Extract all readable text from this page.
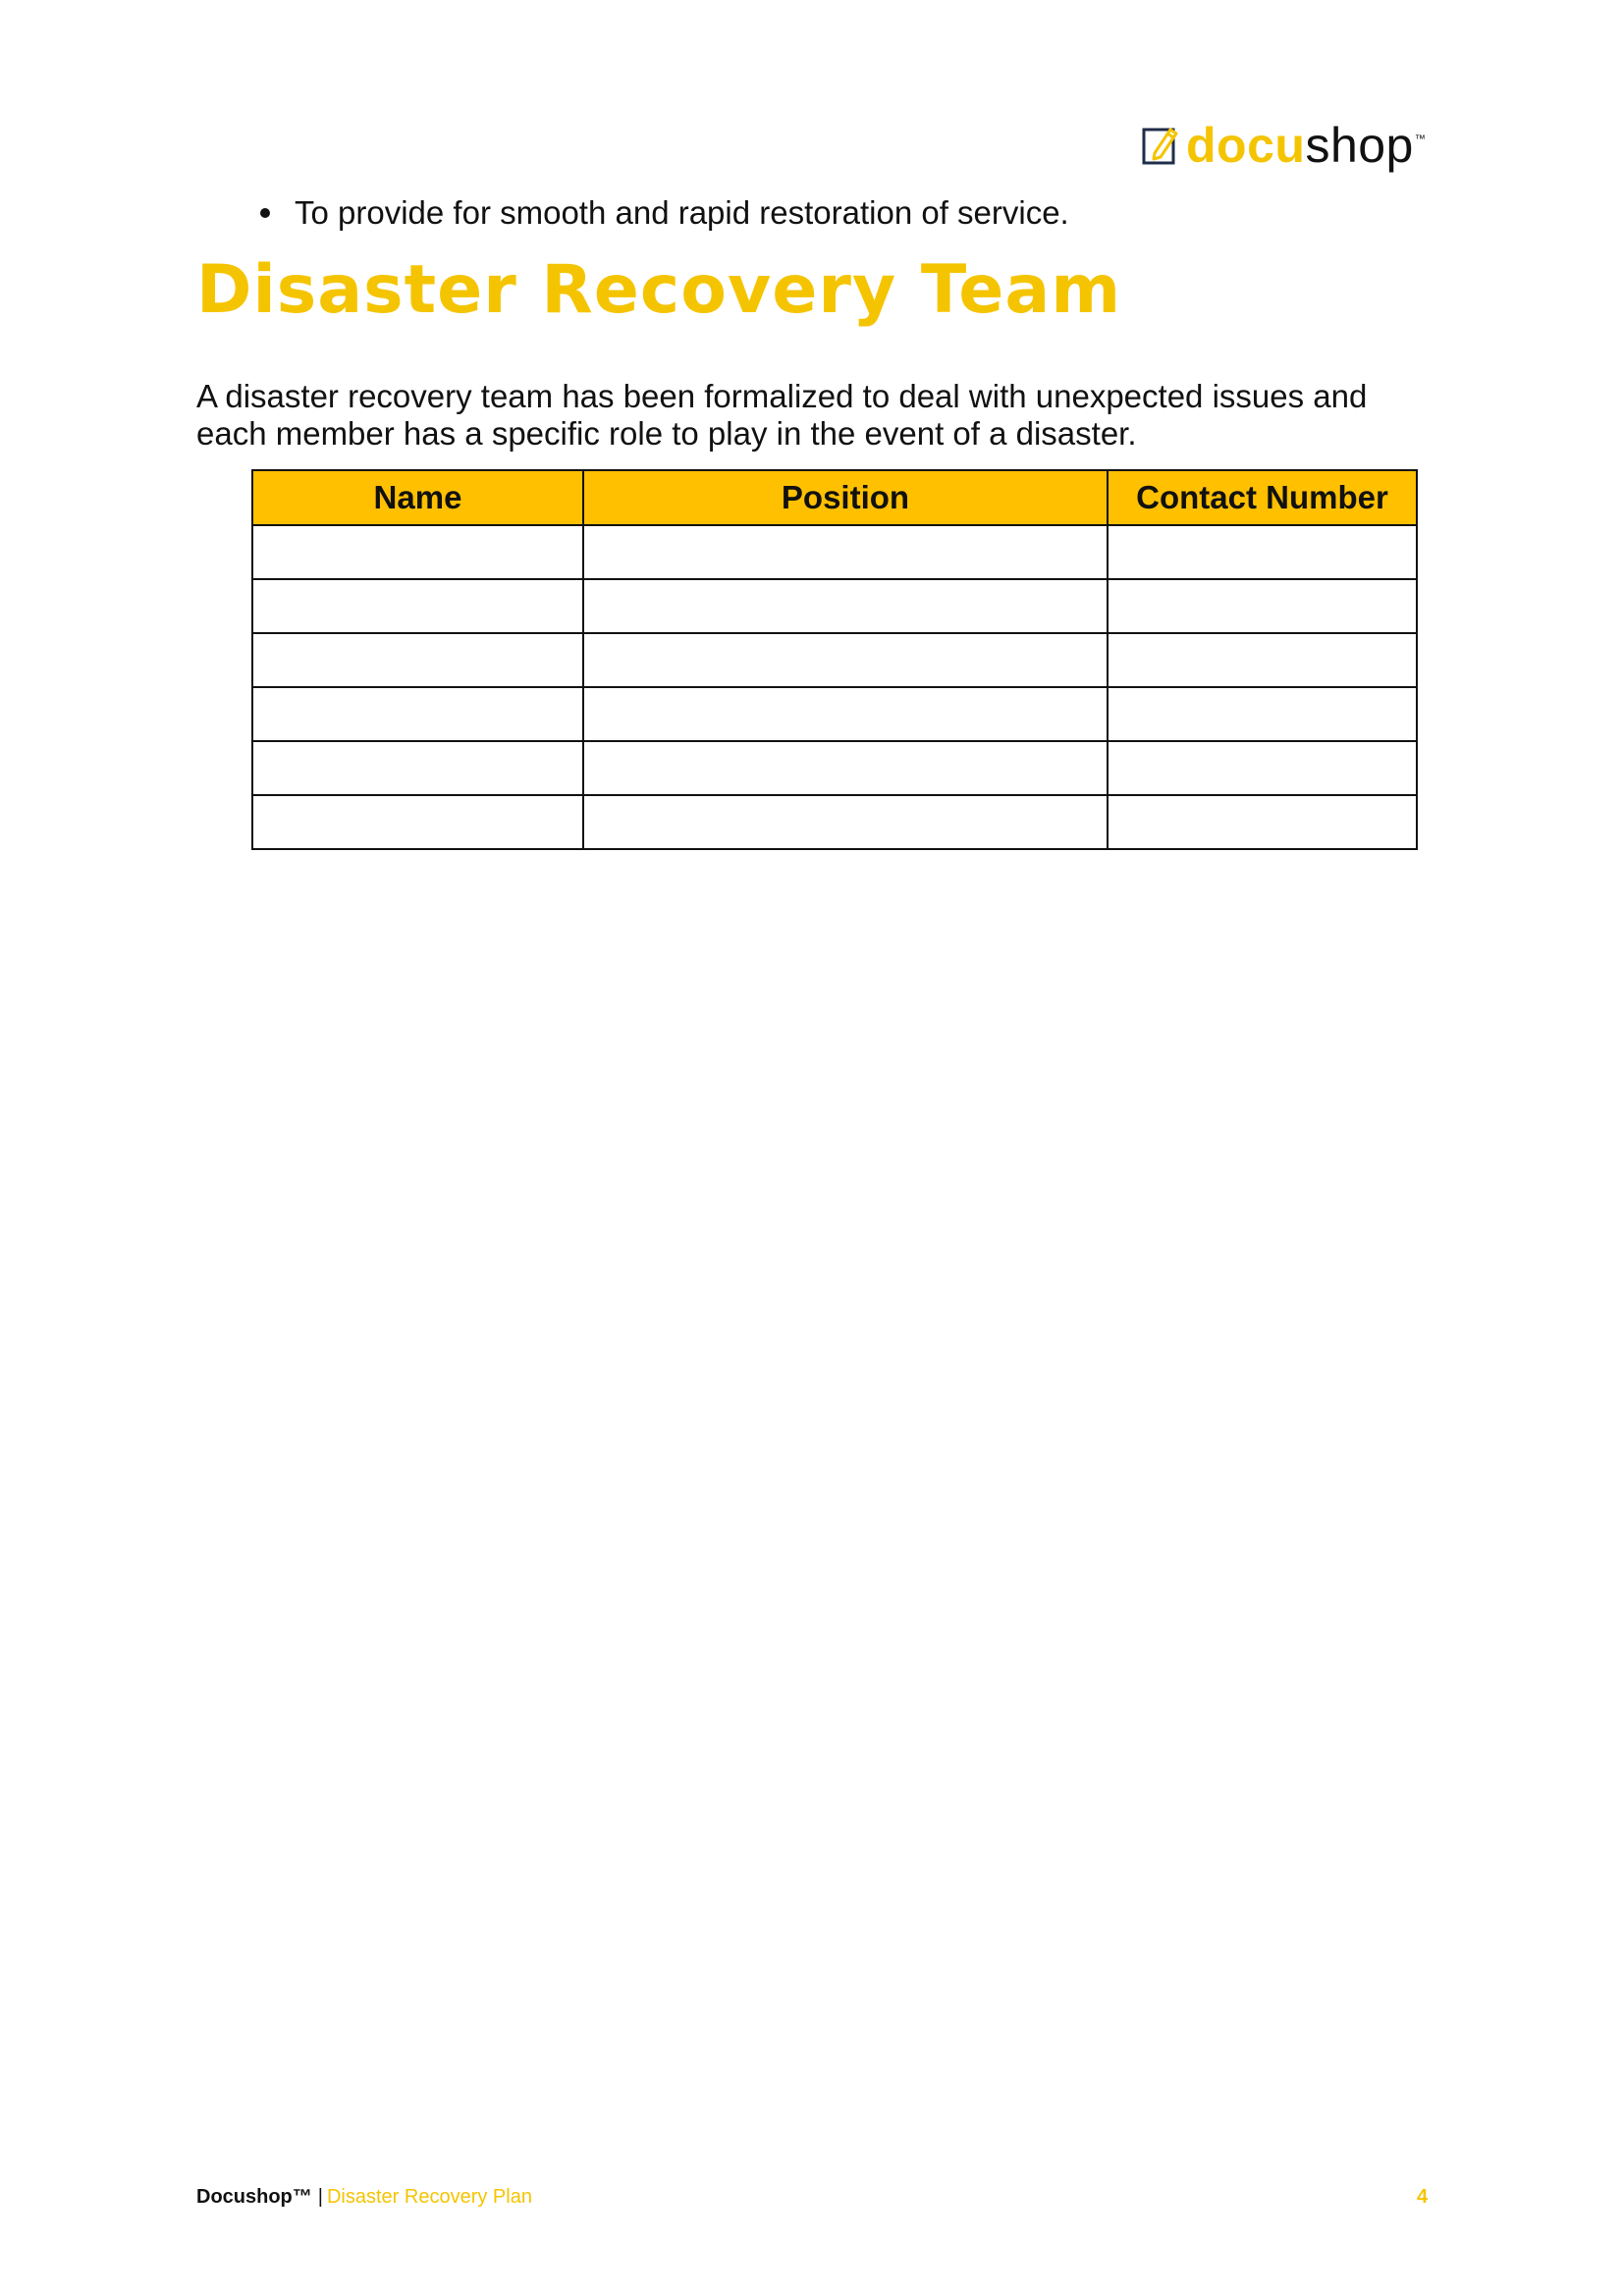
docushop™
To provide for smooth and rapid restoration of service.
Disaster Recovery Team

A disaster recovery team has been formalized to deal with unexpected issues and each member has a specific role to play in the event of a disaster.

Name	Position	Contact Number

Docushop™ | Disaster Recovery Plan	4
